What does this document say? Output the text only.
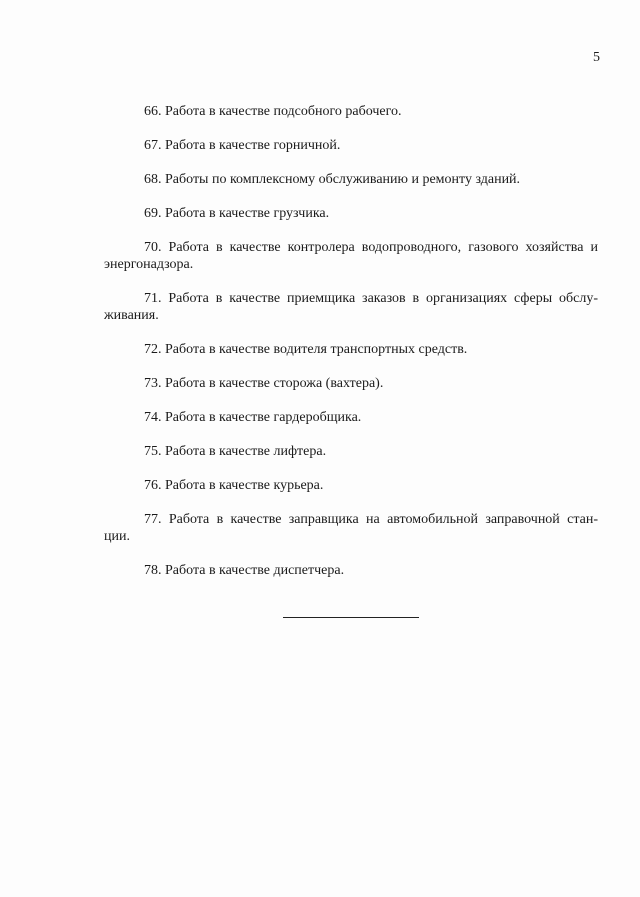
5
66. Работа в качестве подсобного рабочего.
67. Работа в качестве горничной.
68. Работы по комплексному обслуживанию и ремонту зданий.
69. Работа в качестве грузчика.
70. Работа в качестве контролера водопроводного, газового хозяйства и
энергонадзора.
71. Работа в качестве приемщика заказов в организациях сферы обслу-
живания.
72. Работа в качестве водителя транспортных средств.
73. Работа в качестве сторожа (вахтера).
74. Работа в качестве гардеробщика.
75. Работа в качестве лифтера.
76. Работа в качестве курьера.
77. Работа в качестве заправщика на автомобильной заправочной стан-
ции.
78. Работа в качестве диспетчера.
